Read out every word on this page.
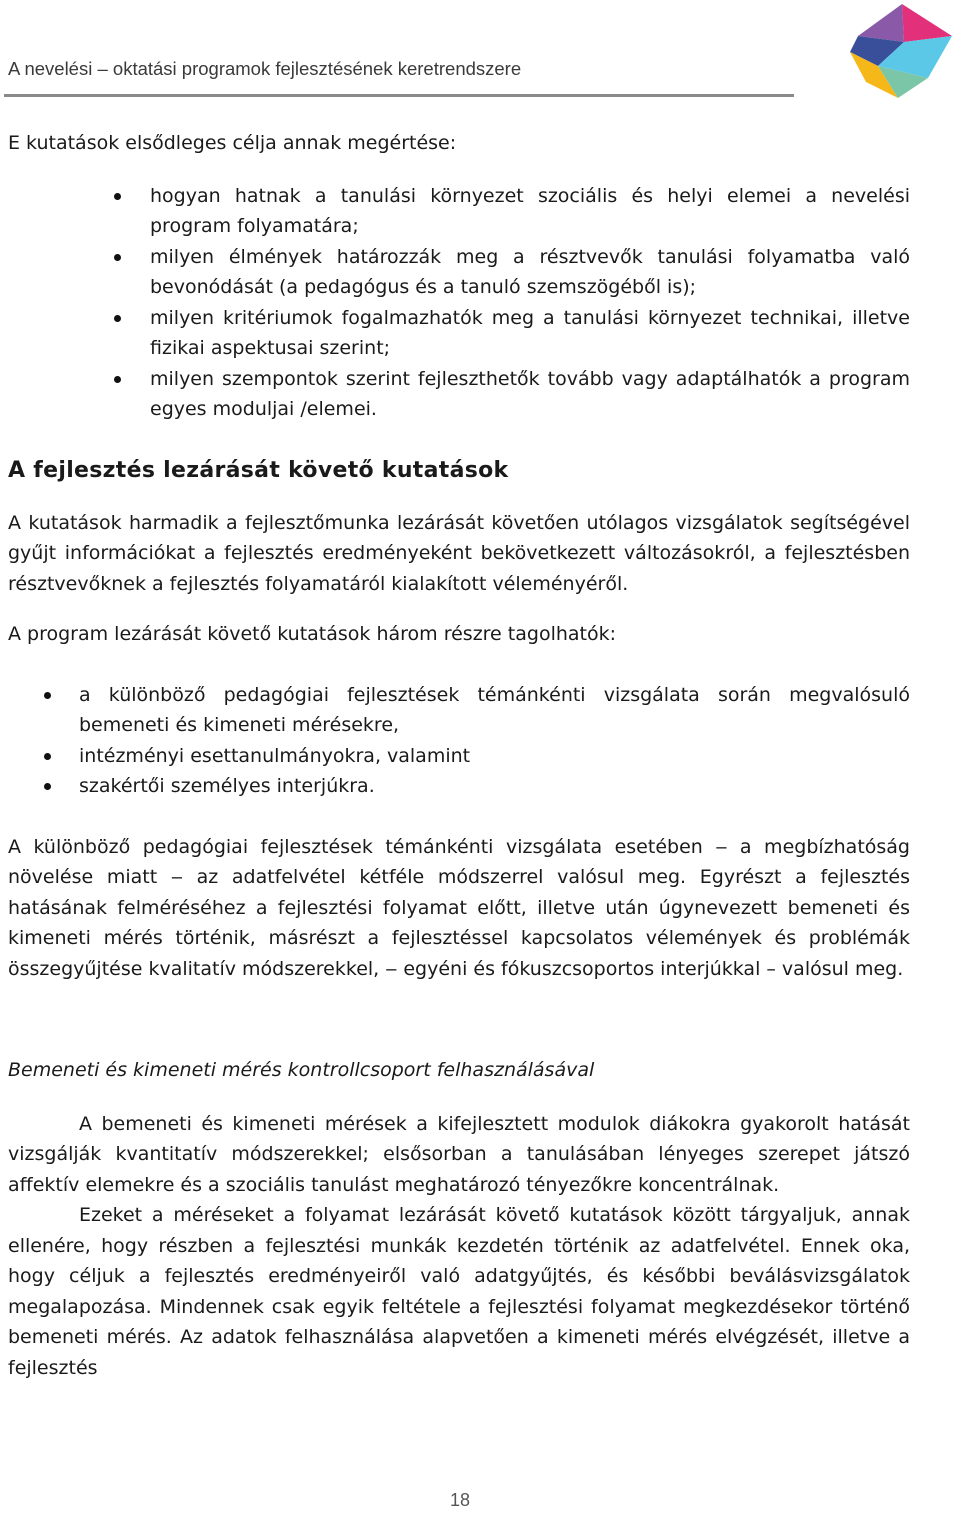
A nevelési – oktatási programok fejlesztésének keretrendszere

E kutatások elsődleges célja annak megértése:

hogyan hatnak a tanulási környezet szociális és helyi elemei a nevelési program folyamatára;
milyen élmények határozzák meg a résztvevők tanulási folyamatba való bevonódását (a pedagógus és a tanuló szemszögéből is);
milyen kritériumok fogalmazhatók meg a tanulási környezet technikai, illetve fizikai aspektusai szerint;
milyen szempontok szerint fejleszthetők tovább vagy adaptálhatók a program egyes moduljai /elemei.
A fejlesztés lezárását követő kutatások

A kutatások harmadik a fejlesztőmunka lezárását követően utólagos vizsgálatok segítségével gyűjt információkat a fejlesztés eredményeként bekövetkezett változásokról, a fejlesztésben résztvevőknek a fejlesztés folyamatáról kialakított véleményéről.

A program lezárását követő kutatások három részre tagolhatók:

a különböző pedagógiai fejlesztések témánkénti vizsgálata során megvalósuló bemeneti és kimeneti mérésekre,
intézményi esettanulmányokra, valamint
szakértői személyes interjúkra.

A különböző pedagógiai fejlesztések témánkénti vizsgálata esetében ‒ a megbízhatóság növelése miatt ‒ az adatfelvétel kétféle módszerrel valósul meg. Egyrészt a fejlesztés hatásának felméréséhez a fejlesztési folyamat előtt, illetve után úgynevezett bemeneti és kimeneti mérés történik, másrészt a fejlesztéssel kapcsolatos vélemények és problémák összegyűjtése kvalitatív módszerekkel, ‒ egyéni és fókuszcsoportos interjúkkal – valósul meg.

Bemeneti és kimeneti mérés kontrollcsoport felhasználásával

A bemeneti és kimeneti mérések a kifejlesztett modulok diákokra gyakorolt hatását vizsgálják kvantitatív módszerekkel; elsősorban a tanulásában lényeges szerepet játszó affektív elemekre és a szociális tanulást meghatározó tényezőkre koncentrálnak.

Ezeket a méréseket a folyamat lezárását követő kutatások között tárgyaljuk, annak ellenére, hogy részben a fejlesztési munkák kezdetén történik az adatfelvétel. Ennek oka, hogy céljuk a fejlesztés eredményeiről való adatgyűjtés, és későbbi beválásvizsgálatok megalapozása. Mindennek csak egyik feltétele a fejlesztési folyamat megkezdésekor történő bemeneti mérés. Az adatok felhasználása alapvetően a kimeneti mérés elvégzését, illetve a fejlesztés

18
